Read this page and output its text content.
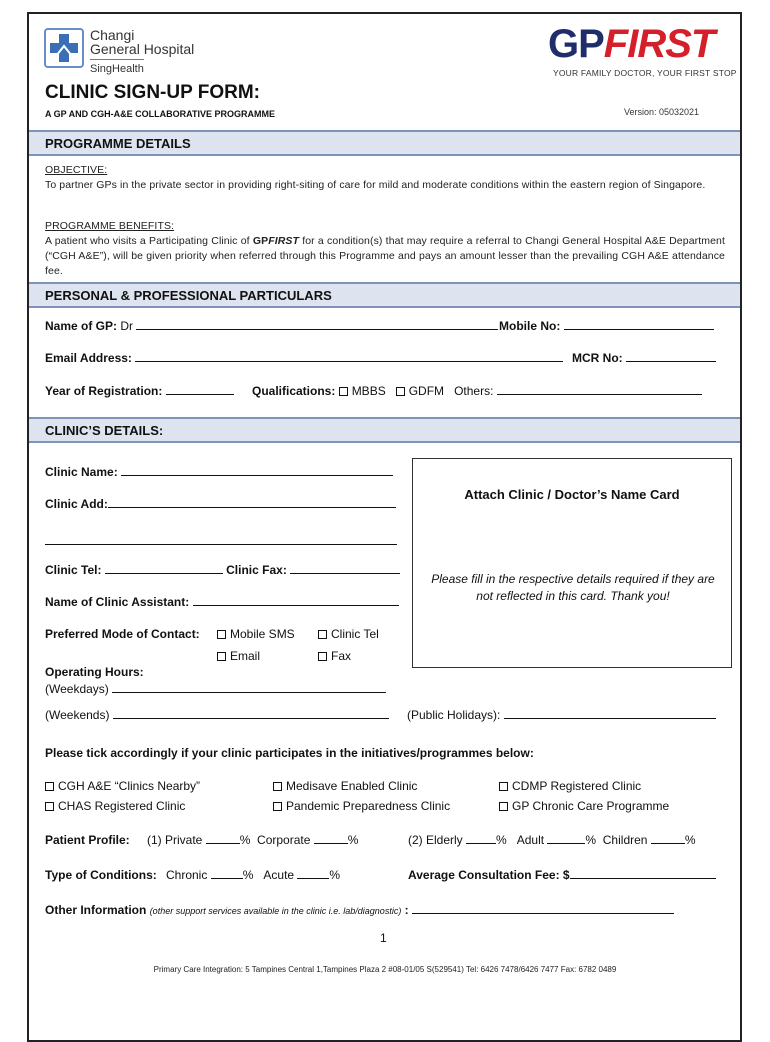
Changi
General Hospital
SingHealth
GPFIRST
YOUR FAMILY DOCTOR, YOUR FIRST STOP
CLINIC SIGN-UP FORM:
A GP AND CGH-A&E COLLABORATIVE PROGRAMME	Version: 05032021
PROGRAMME DETAILS
OBJECTIVE:
To partner GPs in the private sector in providing right-siting of care for mild and moderate conditions within the eastern region of Singapore.
PROGRAMME BENEFITS:
A patient who visits a Participating Clinic of GPFIRST for a condition(s) that may require a referral to Changi General Hospital A&E Department (“CGH A&E”), will be given priority when referred through this Programme and pays an amount lesser than the prevailing CGH A&E attendance fee.
PERSONAL & PROFESSIONAL PARTICULARS
Name of GP: Dr	Mobile No:
Email Address:	MCR No:
Year of Registration:	Qualifications: MBBS GDFM Others:
CLINIC’S DETAILS:
Clinic Name:
Clinic Add:
Clinic Tel:	Clinic Fax:
Name of Clinic Assistant:
Preferred Mode of Contact:	Mobile SMS	Clinic Tel
Email	Fax
Operating Hours:
(Weekdays)
(Weekends)	(Public Holidays):
Attach Clinic / Doctor’s Name Card
Please fill in the respective details required if they are not reflected in this card. Thank you!
Please tick accordingly if your clinic participates in the initiatives/programmes below:
CGH A&E “Clinics Nearby”	Medisave Enabled Clinic	CDMP Registered Clinic
CHAS Registered Clinic	Pandemic Preparedness Clinic	GP Chronic Care Programme
Patient Profile: (1) Private	% Corporate	%	(2) Elderly	% Adult	% Children	%
Type of Conditions: Chronic	% Acute	%	Average Consultation Fee: $
Other Information (other support services available in the clinic i.e. lab/diagnostic) :
1
Primary Care Integration: 5 Tampines Central 1,Tampines Plaza 2 #08-01/05 S(529541) Tel: 6426 7478/6426 7477 Fax: 6782 0489
